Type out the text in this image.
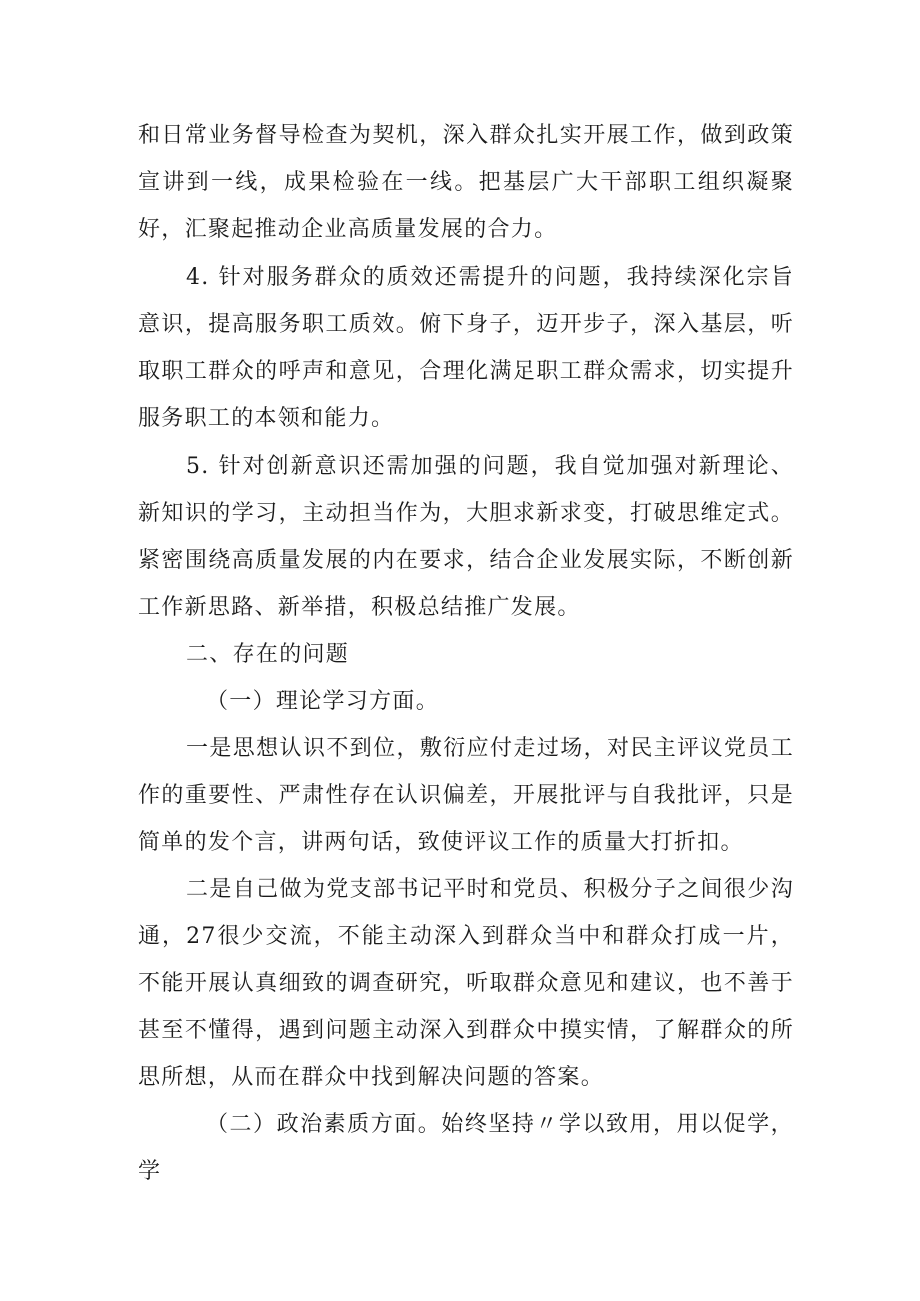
和日常业务督导检查为契机，深入群众扎实开展工作，做到政策宣讲到一线，成果检验在一线。把基层广大干部职工组织凝聚好，汇聚起推动企业高质量发展的合力。

4. 针对服务群众的质效还需提升的问题，我持续深化宗旨意识，提高服务职工质效。俯下身子，迈开步子，深入基层，听取职工群众的呼声和意见，合理化满足职工群众需求，切实提升服务职工的本领和能力。

5. 针对创新意识还需加强的问题，我自觉加强对新理论、新知识的学习，主动担当作为，大胆求新求变，打破思维定式。紧密围绕高质量发展的内在要求，结合企业发展实际，不断创新工作新思路、新举措，积极总结推广发展。

二、存在的问题

（一）理论学习方面。

一是思想认识不到位，敷衍应付走过场，对民主评议党员工作的重要性、严肃性存在认识偏差，开展批评与自我批评，只是简单的发个言，讲两句话，致使评议工作的质量大打折扣。

二是自己做为党支部书记平时和党员、积极分子之间很少沟通，27很少交流，不能主动深入到群众当中和群众打成一片，不能开展认真细致的调查研究，听取群众意见和建议，也不善于甚至不懂得，遇到问题主动深入到群众中摸实情，了解群众的所思所想，从而在群众中找到解决问题的答案。

（二）政治素质方面。始终坚持〃学以致用，用以促学，学
